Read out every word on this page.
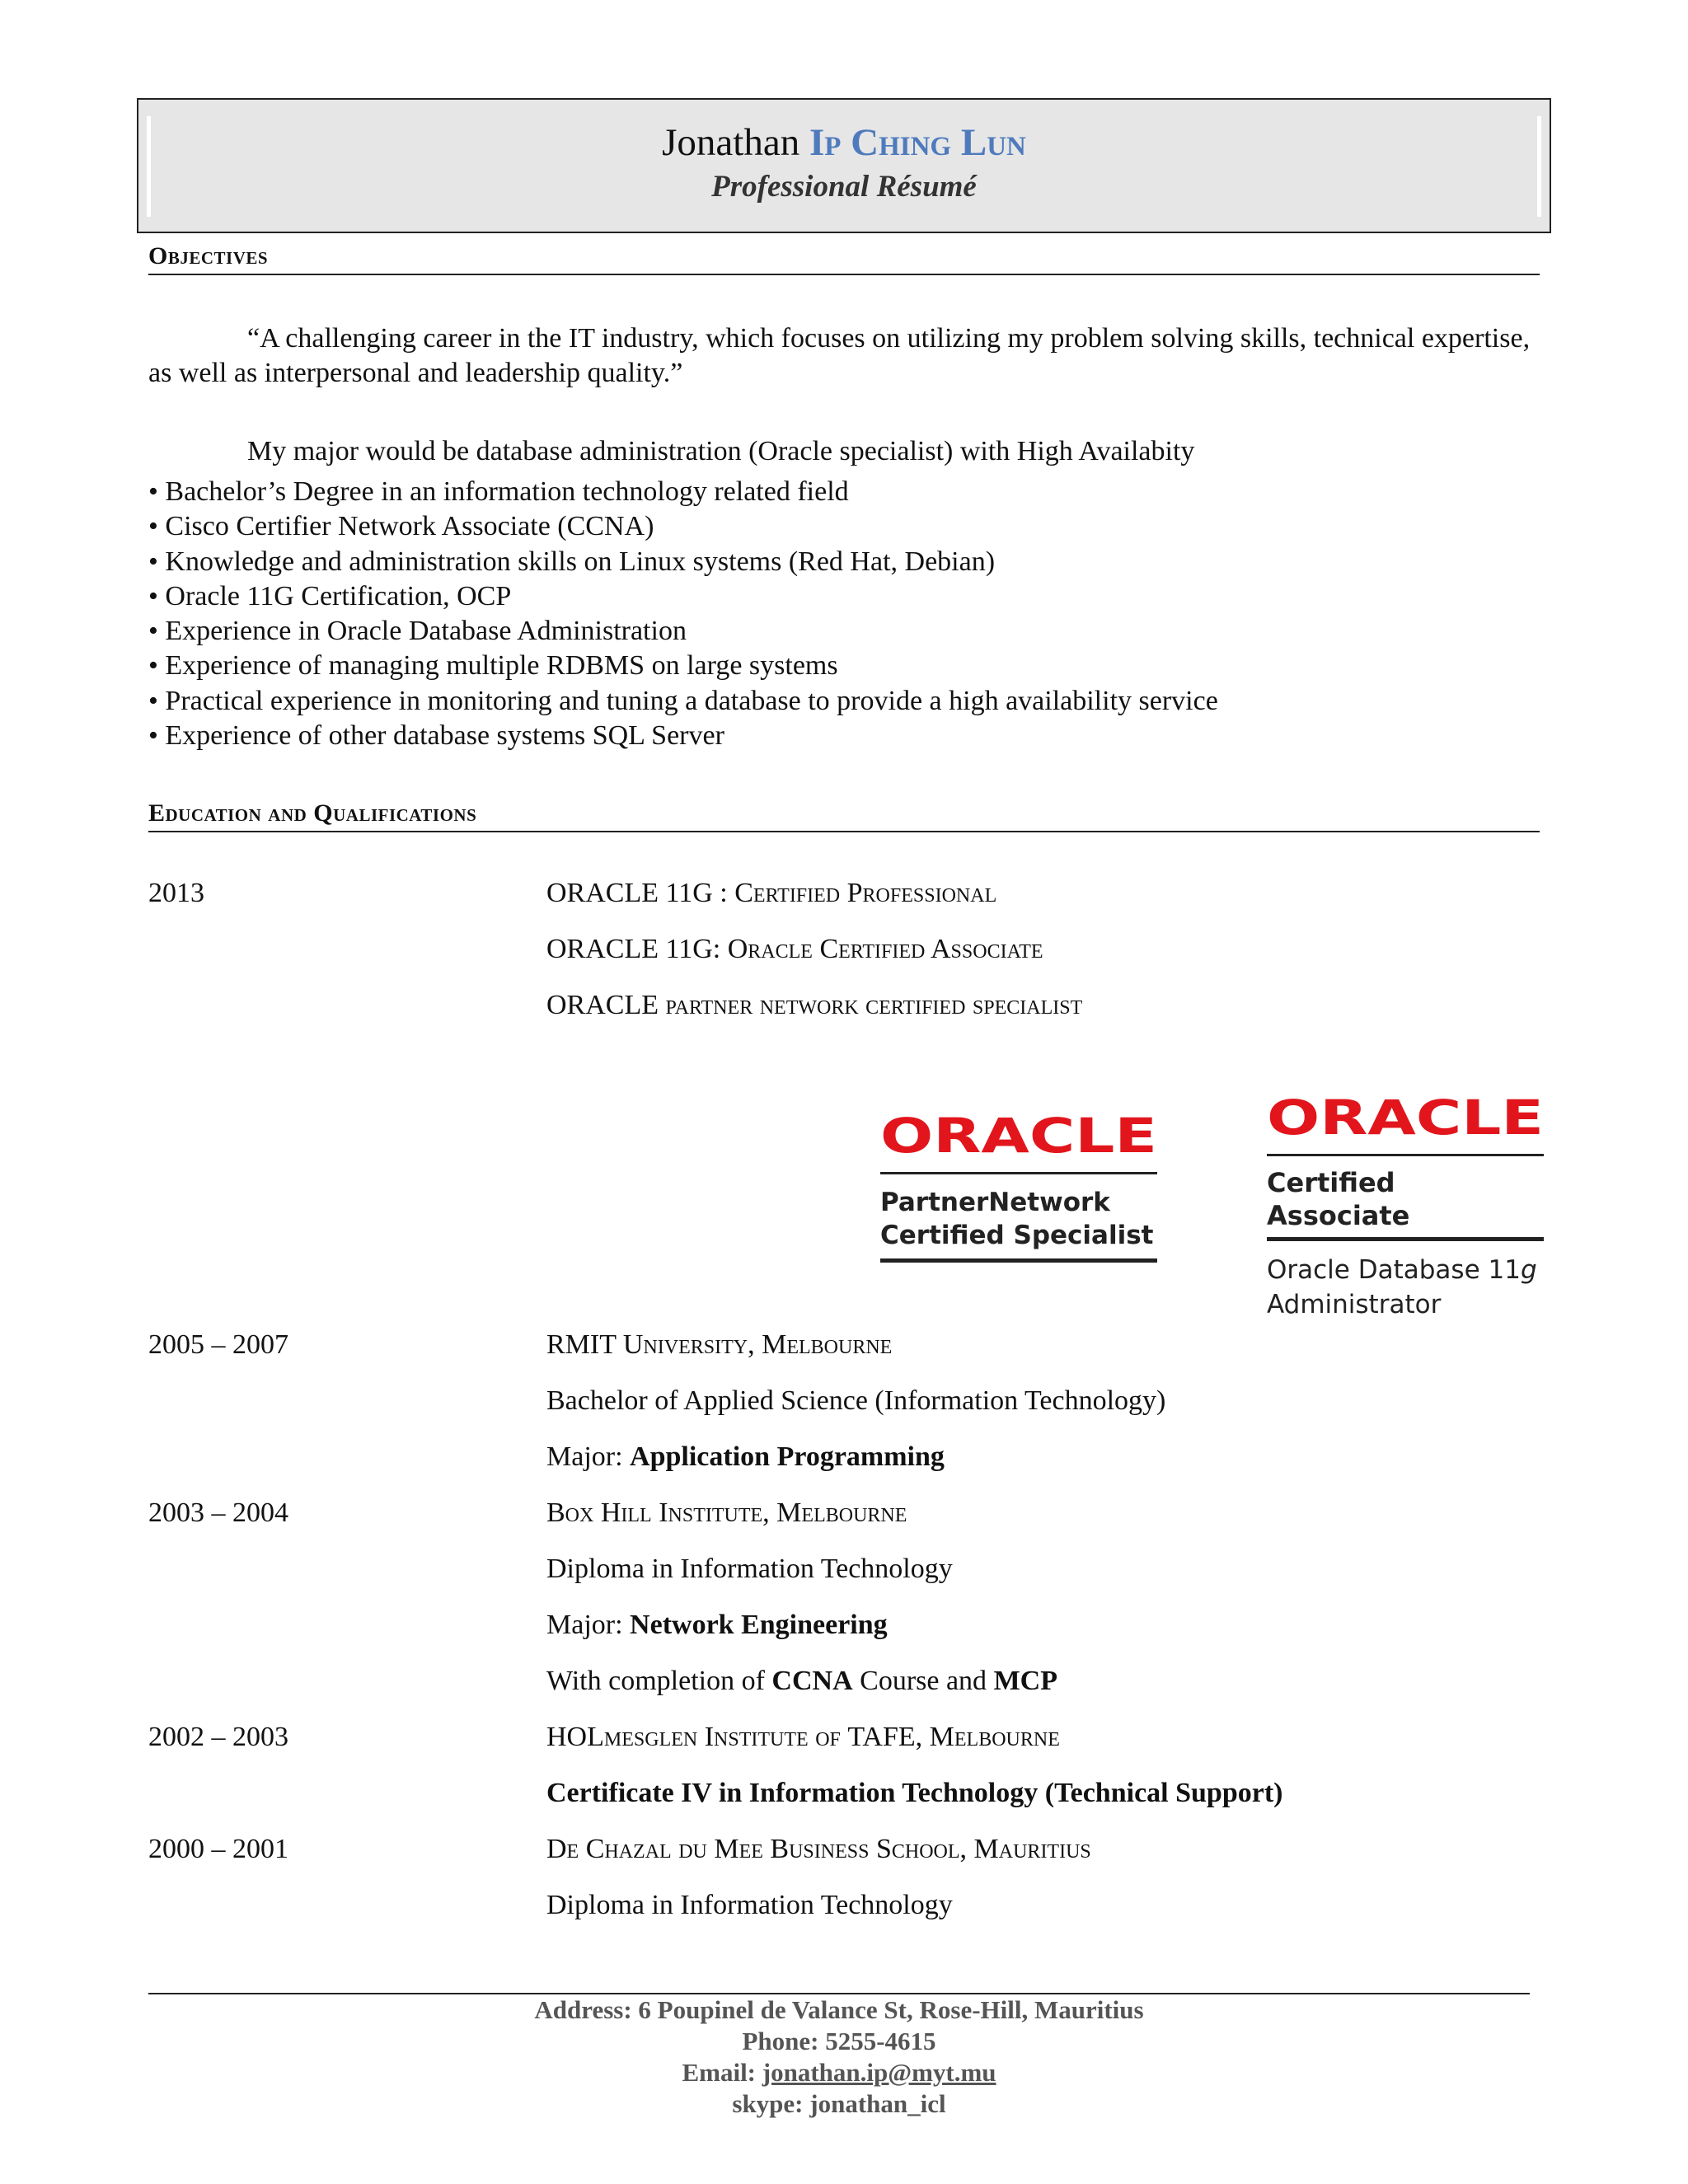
Jonathan Ip Ching Lun
Professional Résumé
Objectives
“A challenging career in the IT industry, which focuses on utilizing my problem solving skills, technical expertise, as well as interpersonal and leadership quality.”
My major would be database administration (Oracle specialist) with High Availabity
• Bachelor’s Degree in an information technology related field
• Cisco Certifier Network Associate (CCNA)
• Knowledge and administration skills on Linux systems (Red Hat, Debian)
• Oracle 11G Certification, OCP
• Experience in Oracle Database Administration
• Experience of managing multiple RDBMS on large systems
• Practical experience in monitoring and tuning a database to provide a high availability service
• Experience of other database systems SQL Server
Education and Qualifications
2013	ORACLE 11G : Certified Professional
ORACLE 11G: Oracle Certified Associate
ORACLE partner network certified specialist
ORACLE
PartnerNetwork
Certified Specialist
ORACLE
Certified Associate
Oracle Database 11g
Administrator
2005 – 2007	RMIT University, Melbourne
Bachelor of Applied Science (Information Technology)
Major: Application Programming
2003 – 2004	Box Hill Institute, Melbourne
Diploma in Information Technology
Major: Network Engineering
With completion of CCNA Course and MCP
2002 – 2003	HOLmesglen Institute of TAFE, Melbourne
Certificate IV in Information Technology (Technical Support)
2000 – 2001	De Chazal du Mee Business School, Mauritius
Diploma in Information Technology
Address: 6 Poupinel de Valance St, Rose-Hill, Mauritius
Phone: 5255-4615
Email: jonathan.ip@myt.mu
skype: jonathan_icl
